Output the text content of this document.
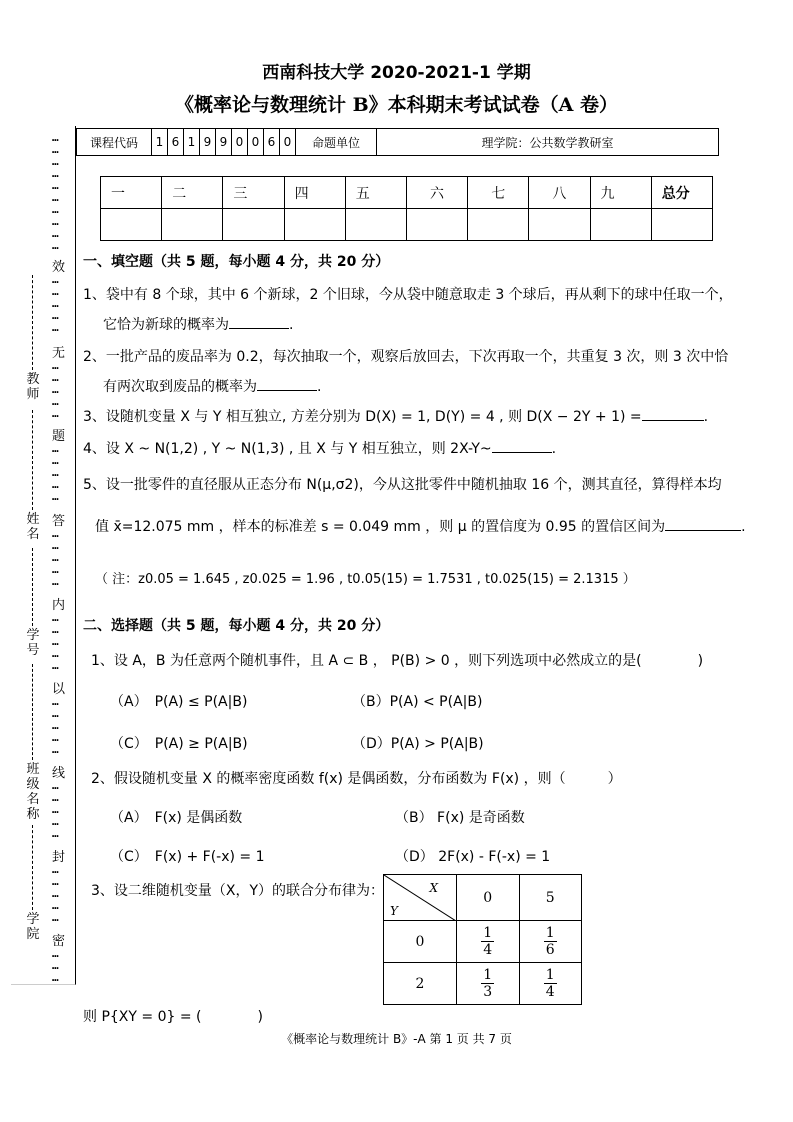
西南科技大学 2020-2021-1 学期
《概率论与数理统计 B》本科期末考试试卷（A 卷）
…
…
…
…
…
…
…
…
…
…
…
…
…
…
…
…
…
…
…
…
…
…
…
…
…
…
…
…
…
…
…
…
…
…
…
…
…
…
…
…
…
…
…
…
…
…
…
…
…
…
…
…
…
效
无
题
答
内
以
线
封
密
教师
姓名
学号
班级名称
学院
课程代码	1	6	1	9	9	0	0	6	0	命题单位	理学院：公共数学教研室
一	二	三	四	五	六	七	八	九	总分

一、填空题（共 5 题，每小题 4 分，共 20 分）
1、袋中有 8 个球，其中 6 个新球，2 个旧球，今从袋中随意取走 3 个球后，再从剩下的球中任取一个，
它恰为新球的概率为	.
2、一批产品的废品率为 0.2，每次抽取一个，观察后放回去，下次再取一个，共重复 3 次，则 3 次中恰
有两次取到废品的概率为	.
3、设随机变量 X 与 Y 相互独立, 方差分别为 D(X) = 1, D(Y) = 4 , 则 D(X − 2Y + 1) =	.
4、设 X ~ N(1,2) , Y ~ N(1,3) , 且 X 与 Y 相互独立，则 2X-Y~	.
5、设一批零件的直径服从正态分布 N(μ,σ2)，今从这批零件中随机抽取 16 个，测其直径，算得样本均
值 x̄=12.075 mm ，样本的标准差 s = 0.049 mm ，则 μ 的置信度为 0.95 的置信区间为	.
（ 注：z0.05 = 1.645 , z0.025 = 1.96 , t0.05(15) = 1.7531 , t0.025(15) = 2.1315 ）
二、选择题（共 5 题，每小题 4 分，共 20 分）
1、设 A，B 为任意两个随机事件，且 A ⊂ B ， P(B) > 0 ，则下列选项中必然成立的是(　　　　)
（A）　P(A) ≤ P(A|B)	（B）P(A) < P(A|B)
（C）　P(A) ≥ P(A|B)	（D）P(A) > P(A|B)
2、假设随机变量 X 的概率密度函数 f(x) 是偶函数，分布函数为 F(x) ，则（　　　）
（A）　F(x) 是偶函数	（B） F(x) 是奇函数
（C）　F(x) + F(-x) = 1	（D） 2F(x) - F(-x) = 1
3、设二维随机变量（X，Y）的联合分布律为：	X
Y	0	5
0	$\frac{1}{4}$	$\frac{1}{6}$

2	$\frac{1}{3}$	$\frac{1}{4}$
则 P{XY = 0} = (　　　　)
《概率论与数理统计 B》-A 第 1 页 共 7 页
